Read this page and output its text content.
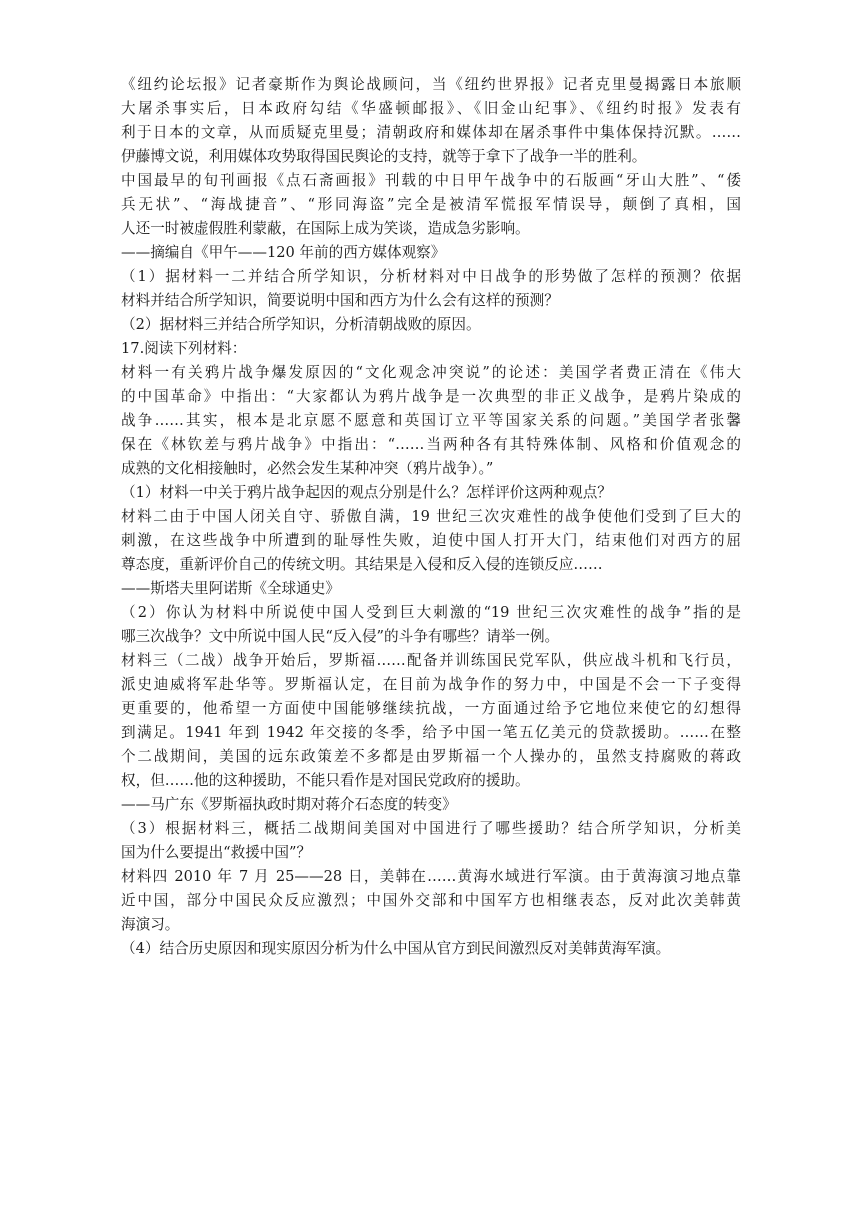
《纽约论坛报》记者豪斯作为舆论战顾问，当《纽约世界报》记者克里曼揭露日本旅顺
大屠杀事实后，日本政府勾结《华盛顿邮报》、《旧金山纪事》、《纽约时报》发表有
利于日本的文章，从而质疑克里曼；清朝政府和媒体却在屠杀事件中集体保持沉默。……
伊藤博文说，利用媒体攻势取得国民舆论的支持，就等于拿下了战争一半的胜利。
中国最早的旬刊画报《点石斋画报》刊载的中日甲午战争中的石版画“牙山大胜”、“倭
兵无状”、“海战捷音”、“形同海盗”完全是被清军慌报军情误导，颠倒了真相，国
人还一时被虚假胜利蒙蔽，在国际上成为笑谈，造成急劣影响。
——摘编自《甲午——120 年前的西方媒体观察》
（1）据材料一二并结合所学知识，分析材料对中日战争的形势做了怎样的预测？依据
材料并结合所学知识，简要说明中国和西方为什么会有这样的预测？
（2）据材料三并结合所学知识，分析清朝战败的原因。
17.阅读下列材料：
材料一有关鸦片战争爆发原因的“文化观念冲突说”的论述：美国学者费正清在《伟大
的中国革命》中指出：“大家都认为鸦片战争是一次典型的非正义战争，是鸦片染成的
战争……其实，根本是北京愿不愿意和英国订立平等国家关系的问题。”美国学者张馨
保在《林钦差与鸦片战争》中指出：“……当两种各有其特殊体制、风格和价值观念的
成熟的文化相接触时，必然会发生某种冲突（鸦片战争）。”
（1）材料一中关于鸦片战争起因的观点分别是什么？怎样评价这两种观点？
材料二由于中国人闭关自守、骄傲自满，19 世纪三次灾难性的战争使他们受到了巨大的
刺激，在这些战争中所遭到的耻辱性失败，迫使中国人打开大门，结束他们对西方的屈
尊态度，重新评价自己的传统文明。其结果是入侵和反入侵的连锁反应……
——斯塔夫里阿诺斯《全球通史》
（2）你认为材料中所说使中国人受到巨大刺激的“19 世纪三次灾难性的战争”指的是
哪三次战争？文中所说中国人民“反入侵”的斗争有哪些？请举一例。
材料三（二战）战争开始后，罗斯福……配备并训练国民党军队，供应战斗机和飞行员，
派史迪威将军赴华等。罗斯福认定，在目前为战争作的努力中，中国是不会一下子变得
更重要的，他希望一方面使中国能够继续抗战，一方面通过给予它地位来使它的幻想得
到满足。1941 年到 1942 年交接的冬季，给予中国一笔五亿美元的贷款援助。……在整
个二战期间，美国的远东政策差不多都是由罗斯福一个人操办的，虽然支持腐败的蒋政
权，但……他的这种援助，不能只看作是对国民党政府的援助。
——马广东《罗斯福执政时期对蒋介石态度的转变》
（3）根据材料三，概括二战期间美国对中国进行了哪些援助？结合所学知识，分析美
国为什么要提出“救援中国”？
材料四 2010 年 7 月 25——28 日，美韩在……黄海水域进行军演。由于黄海演习地点靠
近中国，部分中国民众反应激烈；中国外交部和中国军方也相继表态，反对此次美韩黄
海演习。
（4）结合历史原因和现实原因分析为什么中国从官方到民间激烈反对美韩黄海军演。
